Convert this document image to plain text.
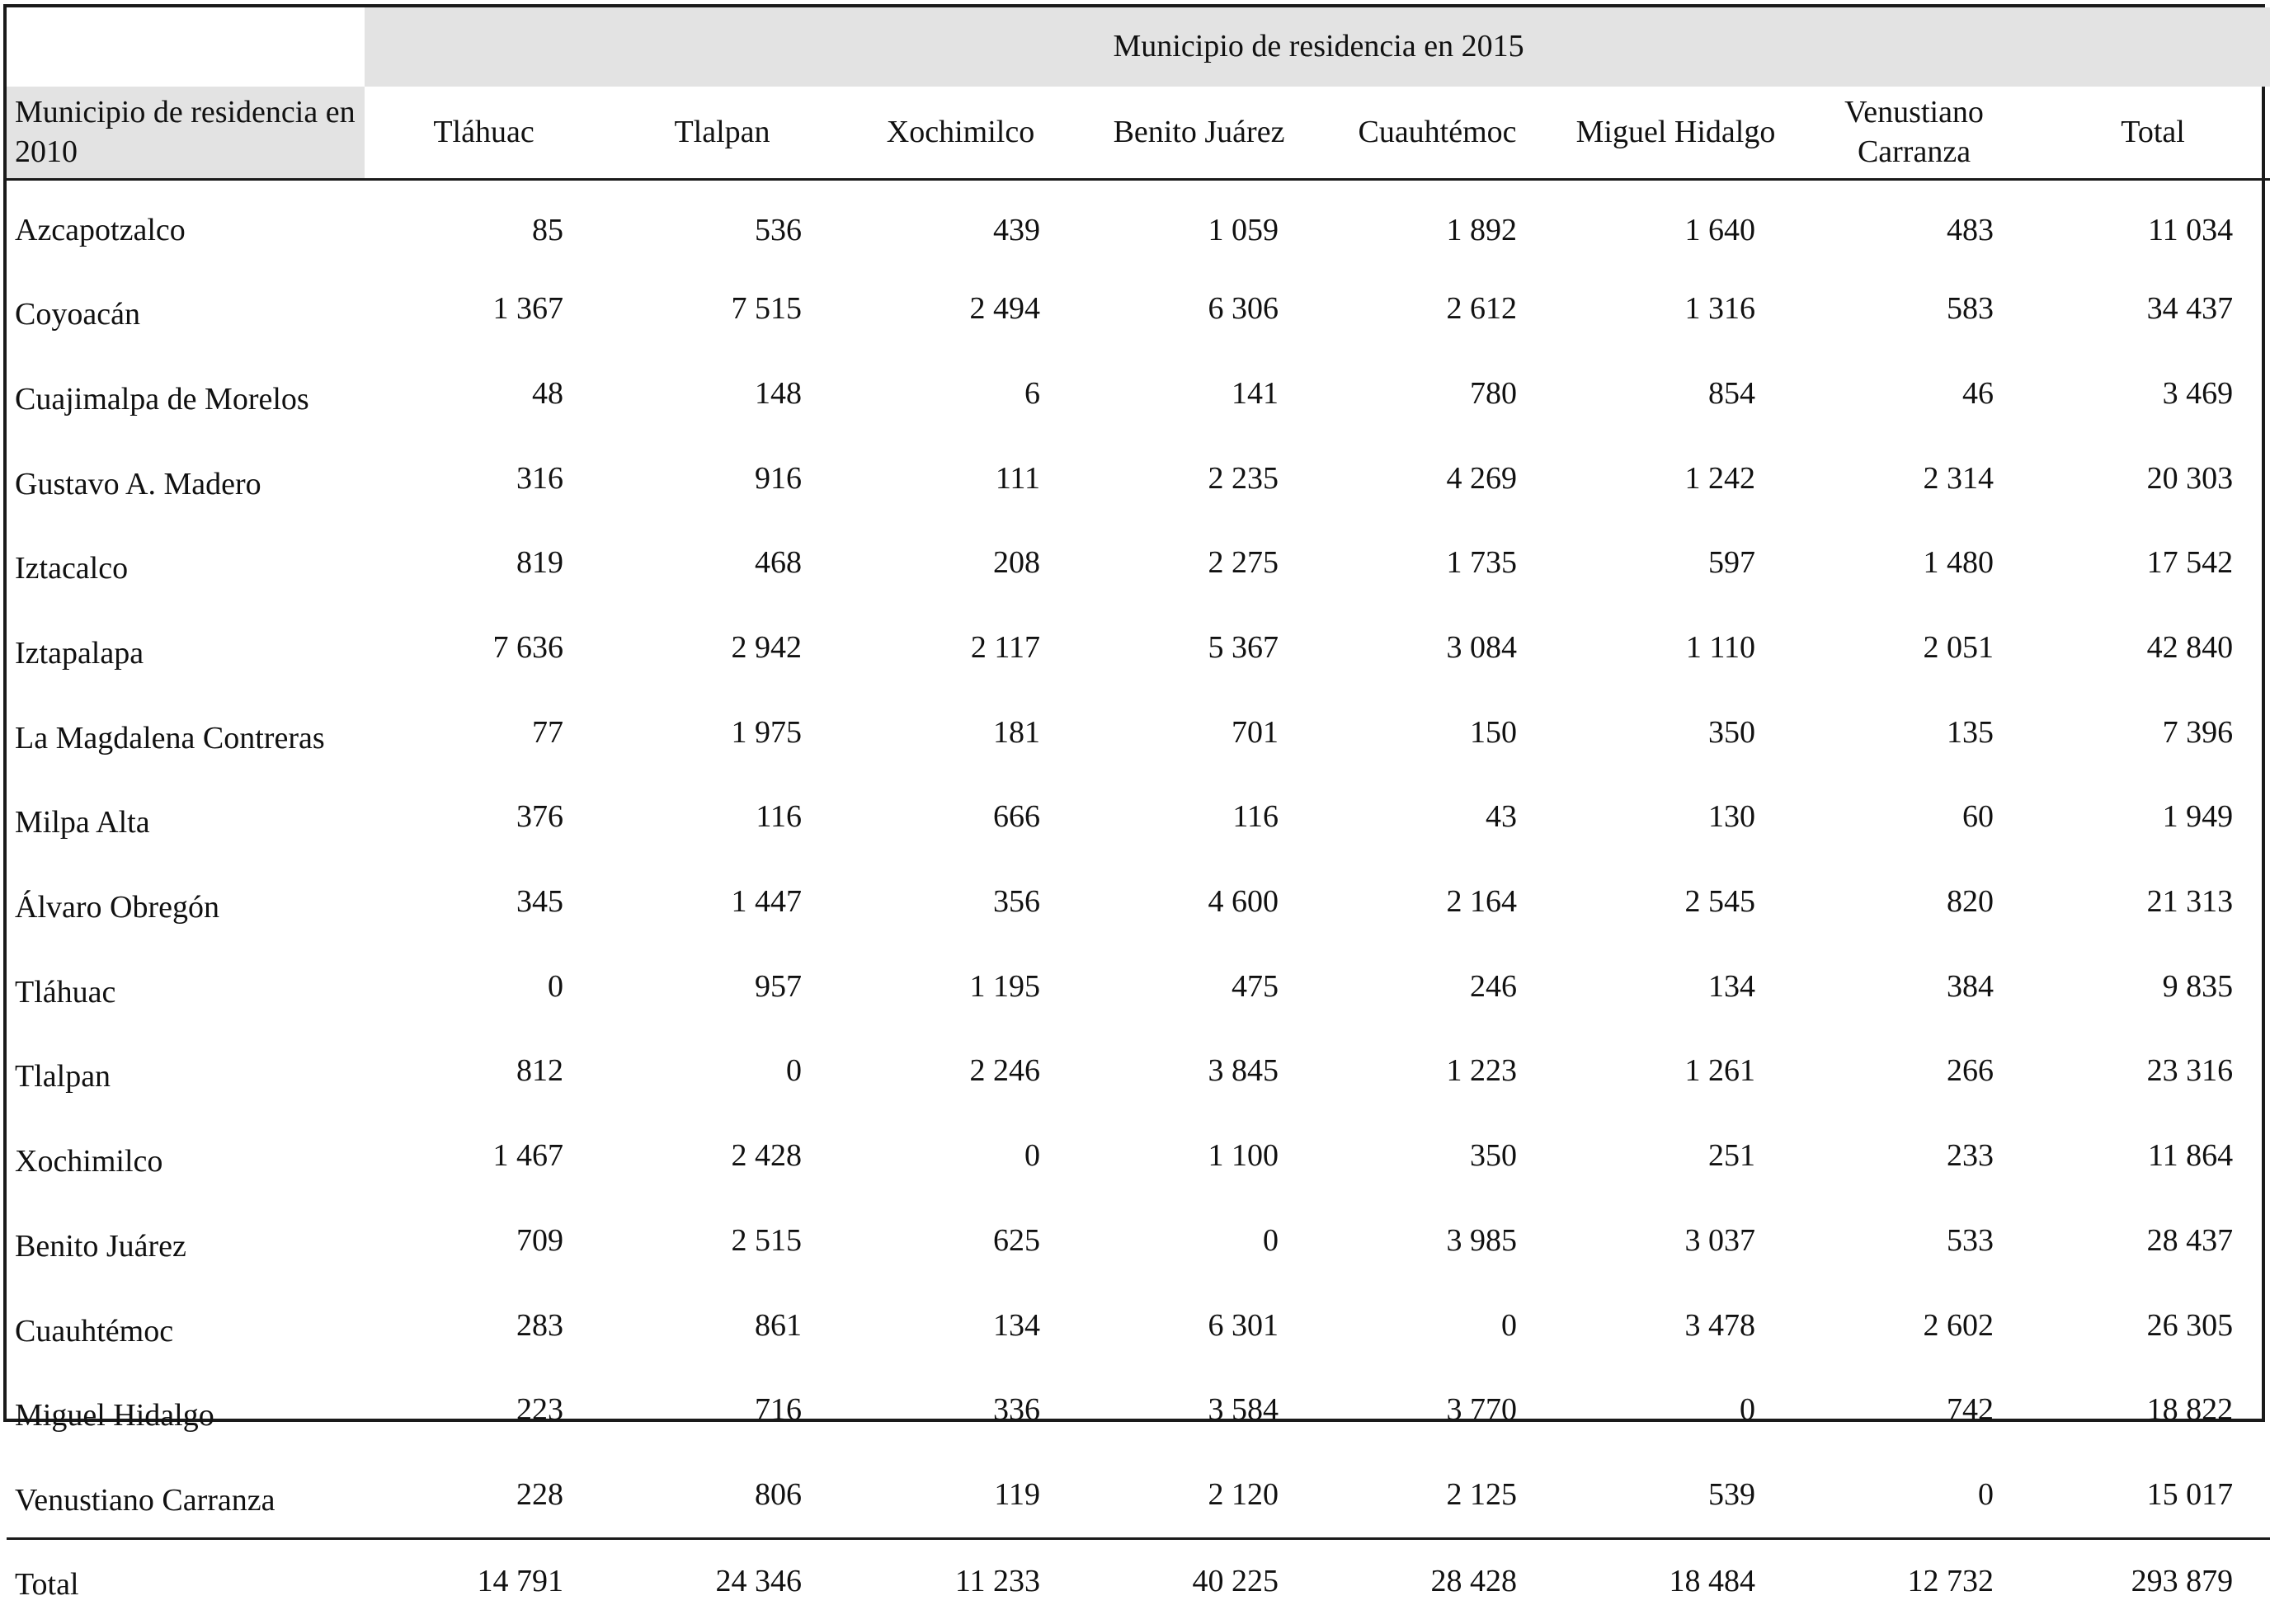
	Municipio de residencia en 2015							
Municipio de residencia en 2010	Tláhuac	Tlalpan	Xochimilco	Benito Juárez	Cuauhtémoc	Miguel Hidalgo	Venustiano Carranza	Total
Azcapotzalco	85	536	439	1 059	1 892	1 640	483	11 034
Coyoacán	1 367	7 515	2 494	6 306	2 612	1 316	583	34 437
Cuajimalpa de Morelos	48	148	6	141	780	854	46	3 469
Gustavo A. Madero	316	916	111	2 235	4 269	1 242	2 314	20 303
Iztacalco	819	468	208	2 275	1 735	597	1 480	17 542
Iztapalapa	7 636	2 942	2 117	5 367	3 084	1 110	2 051	42 840
La Magdalena Contreras	77	1 975	181	701	150	350	135	7 396
Milpa Alta	376	116	666	116	43	130	60	1 949
Álvaro Obregón	345	1 447	356	4 600	2 164	2 545	820	21 313
Tláhuac	0	957	1 195	475	246	134	384	9 835
Tlalpan	812	0	2 246	3 845	1 223	1 261	266	23 316
Xochimilco	1 467	2 428	0	1 100	350	251	233	11 864
Benito Juárez	709	2 515	625	0	3 985	3 037	533	28 437
Cuauhtémoc	283	861	134	6 301	0	3 478	2 602	26 305
Miguel Hidalgo	223	716	336	3 584	3 770	0	742	18 822
Venustiano Carranza	228	806	119	2 120	2 125	539	0	15 017
Total	14 791	24 346	11 233	40 225	28 428	18 484	12 732	293 879
